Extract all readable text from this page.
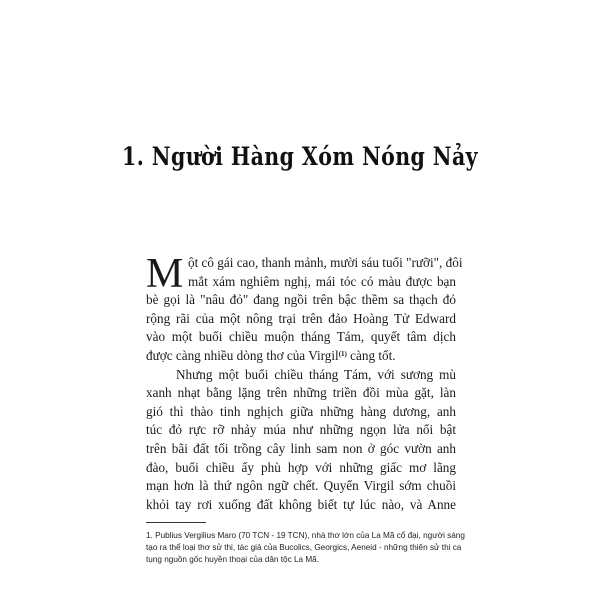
1. Người Hàng Xóm Nóng Nảy
M ột cô gái cao, thanh mảnh, mười sáu tuổi "rưỡi", đôi
mắt xám nghiêm nghị, mái tóc có màu được bạn
bè gọi là "nâu đỏ" đang ngồi trên bậc thềm sa thạch đỏ
rộng rãi của một nông trại trên đảo Hoàng Tử Edward
vào một buổi chiều muộn tháng Tám, quyết tâm dịch
được càng nhiều dòng thơ của Virgil$^{(1)}$ càng tốt.
Nhưng một buổi chiều tháng Tám, với sương mù
xanh nhạt bằng lặng trên những triền đồi mùa gặt, làn
gió thì thào tinh nghịch giữa những hàng dương, anh
túc đỏ rực rỡ nhảy múa như những ngọn lửa nổi bật
trên bãi đất tối trồng cây linh sam non ở góc vườn anh
đào, buổi chiều ấy phù hợp với những giấc mơ lãng
mạn hơn là thứ ngôn ngữ chết. Quyển Virgil sớm chuồi
khỏi tay rơi xuống đất không biết tự lúc nào, và Anne
1. Publius Vergilius Maro (70 TCN - 19 TCN), nhà thơ lớn của La Mã cổ đại, người sáng
tạo ra thể loại thơ sử thi, tác giả của Bucolics, Georgics, Aeneid - những thiên sử thi ca
tụng nguồn gốc huyền thoại của dân tộc La Mã.
